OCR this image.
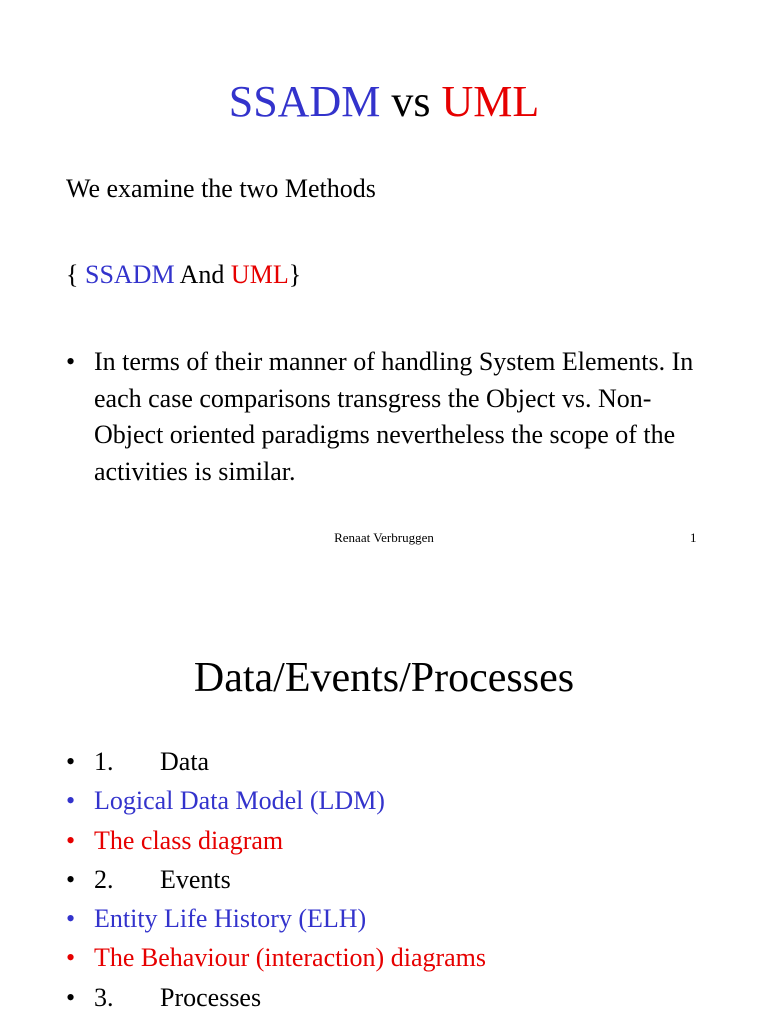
SSADM vs UML
We examine the two Methods
{ SSADM And UML}
• In terms of their manner of handling System Elements. In each case comparisons transgress the Object vs. Non-Object oriented paradigms nevertheless the scope of the activities is similar.
Renaat Verbruggen	1
Data/Events/Processes
• 1. Data
• Logical Data Model (LDM)
• The class diagram
• 2. Events
• Entity Life History (ELH)
• The Behaviour (interaction) diagrams
• 3. Processes
